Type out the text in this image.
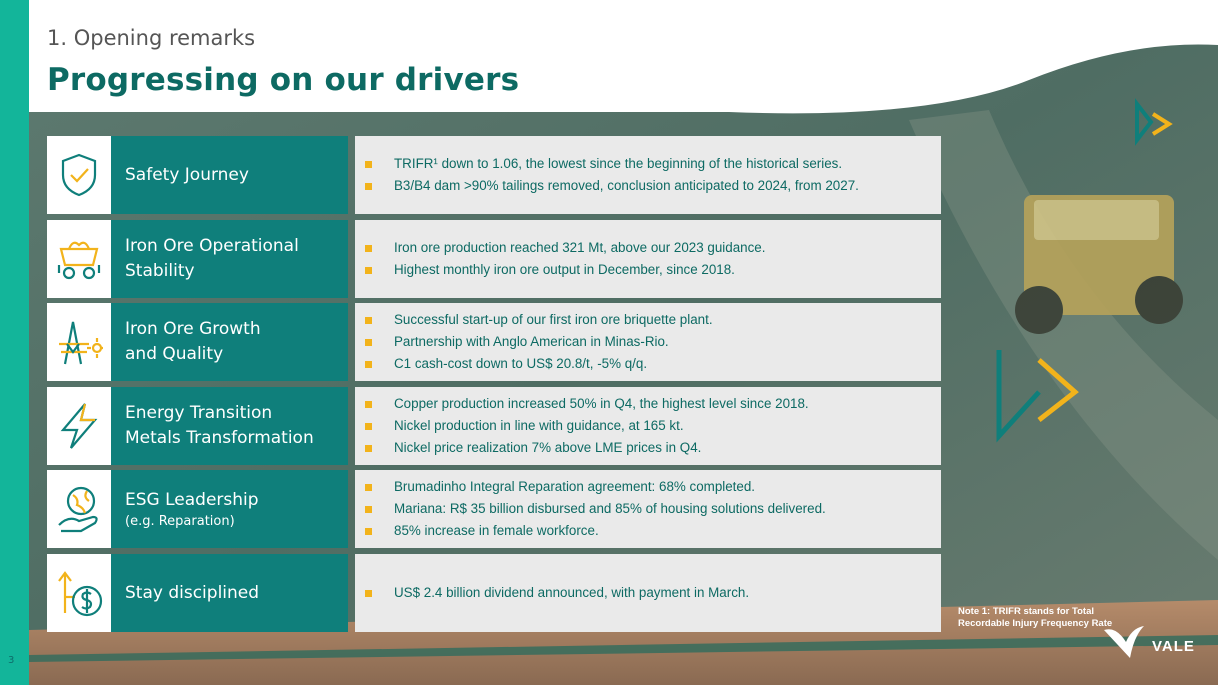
3
1. Opening remarks
Progressing on our drivers
Safety Journey
TRIFR¹ down to 1.06, the lowest since the beginning of the historical series.
B3/B4 dam >90% tailings removed, conclusion anticipated to 2024, from 2027.
Iron Ore Operational
Stability
Iron ore production reached 321 Mt, above our 2023 guidance.
Highest monthly iron ore output in December, since 2018.
Iron Ore Growth
and Quality
Successful start-up of our first iron ore briquette plant.
Partnership with Anglo American in Minas-Rio.
C1 cash-cost down to US$ 20.8/t, -5% q/q.
Energy Transition
Metals Transformation
Copper production increased 50% in Q4, the highest level since 2018.
Nickel production in line with guidance, at 165 kt.
Nickel price realization 7% above LME prices in Q4.
ESG Leadership
(e.g. Reparation)
Brumadinho Integral Reparation agreement: 68% completed.
Mariana: R$ 35 billion disbursed and 85% of housing solutions delivered.
85% increase in female workforce.
Stay disciplined	US$ 2.4 billion dividend announced, with payment in March.
Note 1: TRIFR stands for Total Recordable Injury Frequency Rate
VALE
